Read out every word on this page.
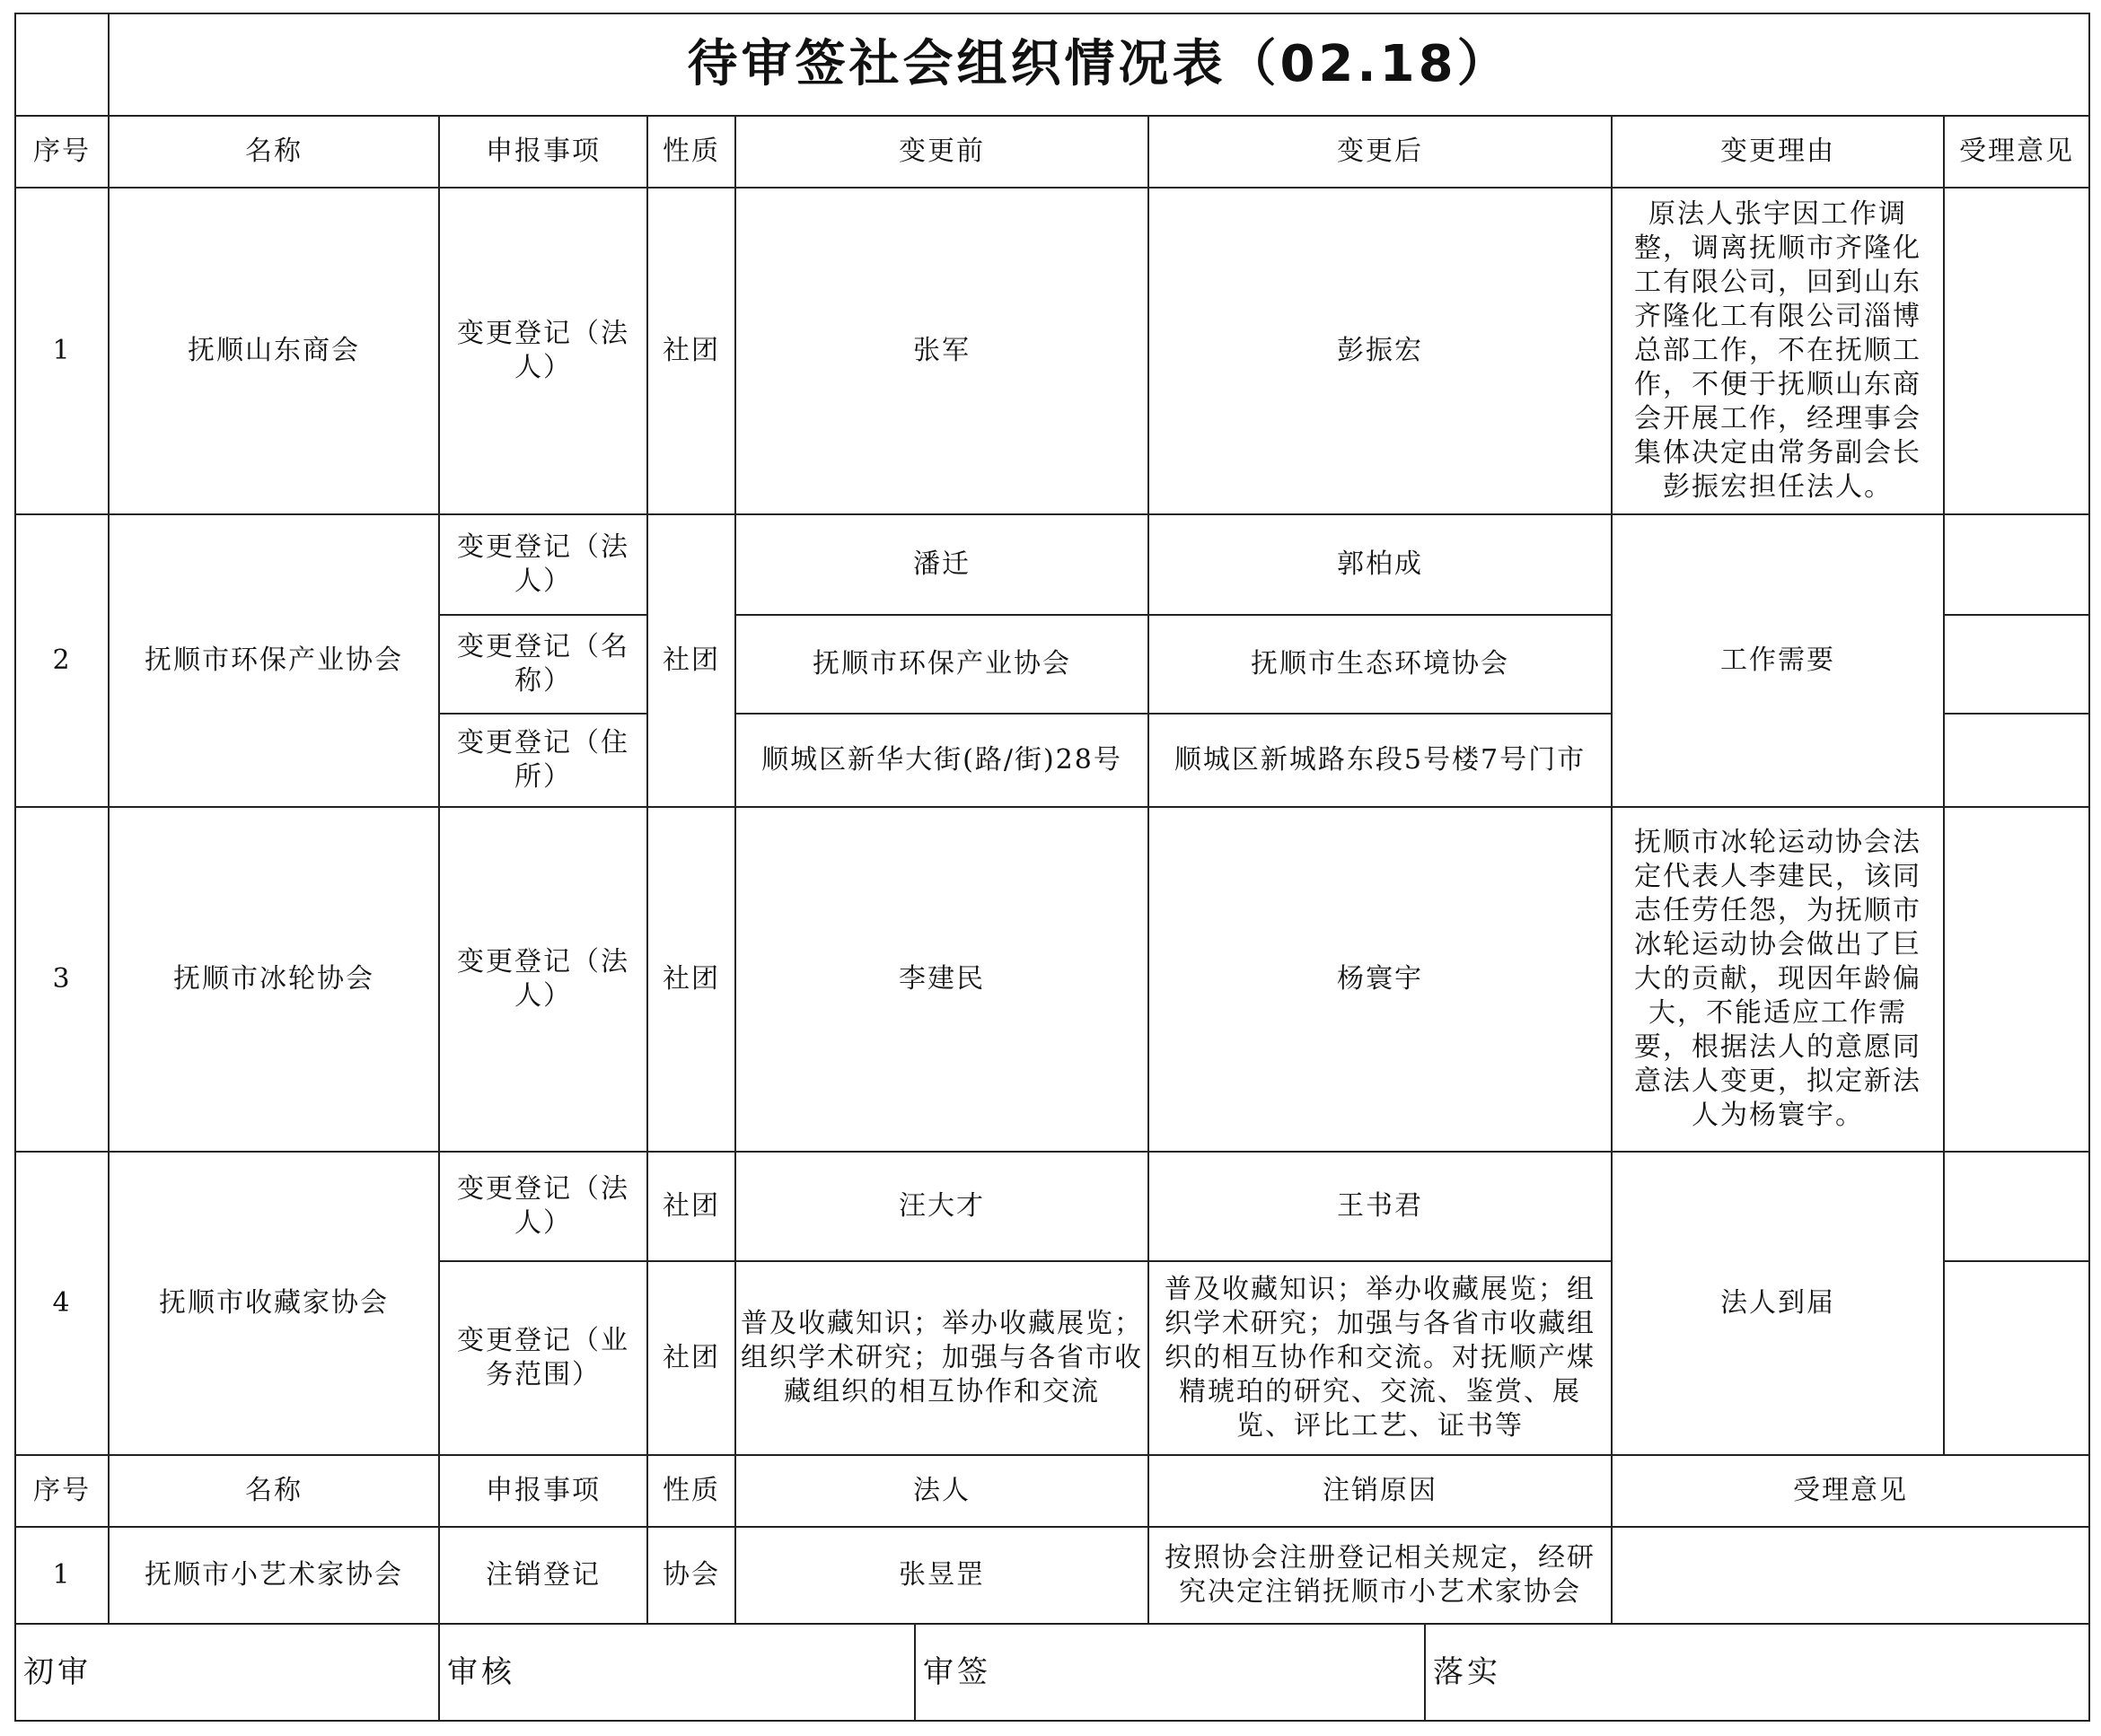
	待审签社会组织情况表（02.18）						
序号	名称	申报事项	性质	变更前	变更后	变更理由	受理意见
1	抚顺山东商会	变更登记（法人）	社团	张军	彭振宏	原法人张宇因工作调整，调离抚顺市齐隆化工有限公司，回到山东齐隆化工有限公司淄博总部工作，不在抚顺工作，不便于抚顺山东商会开展工作，经理事会集体决定由常务副会长彭振宏担任法人。	
2	抚顺市环保产业协会	变更登记（法人）	社团	潘迁	郭柏成	工作需要	
		变更登记（名称）		抚顺市环保产业协会	抚顺市生态环境协会		
		变更登记（住所）		顺城区新华大街(路/街)28号	顺城区新城路东段5号楼7号门市		
3	抚顺市冰轮协会	变更登记（法人）	社团	李建民	杨寰宇	抚顺市冰轮运动协会法定代表人李建民，该同志任劳任怨，为抚顺市冰轮运动协会做出了巨大的贡献，现因年龄偏大，不能适应工作需要，根据法人的意愿同意法人变更，拟定新法人为杨寰宇。	
4	抚顺市收藏家协会	变更登记（法人）	社团	汪大才	王书君	法人到届	
		变更登记（业务范围）	社团	普及收藏知识；举办收藏展览；组织学术研究；加强与各省市收藏组织的相互协作和交流	普及收藏知识；举办收藏展览；组织学术研究；加强与各省市收藏组织的相互协作和交流。对抚顺产煤精琥珀的研究、交流、鉴赏、展览、评比工艺、证书等		
序号	名称	申报事项	性质	法人	注销原因	受理意见	
1	抚顺市小艺术家协会	注销登记	协会	张昱罡	按照协会注册登记相关规定，经研究决定注销抚顺市小艺术家协会		
初审	审核	审签	落实
